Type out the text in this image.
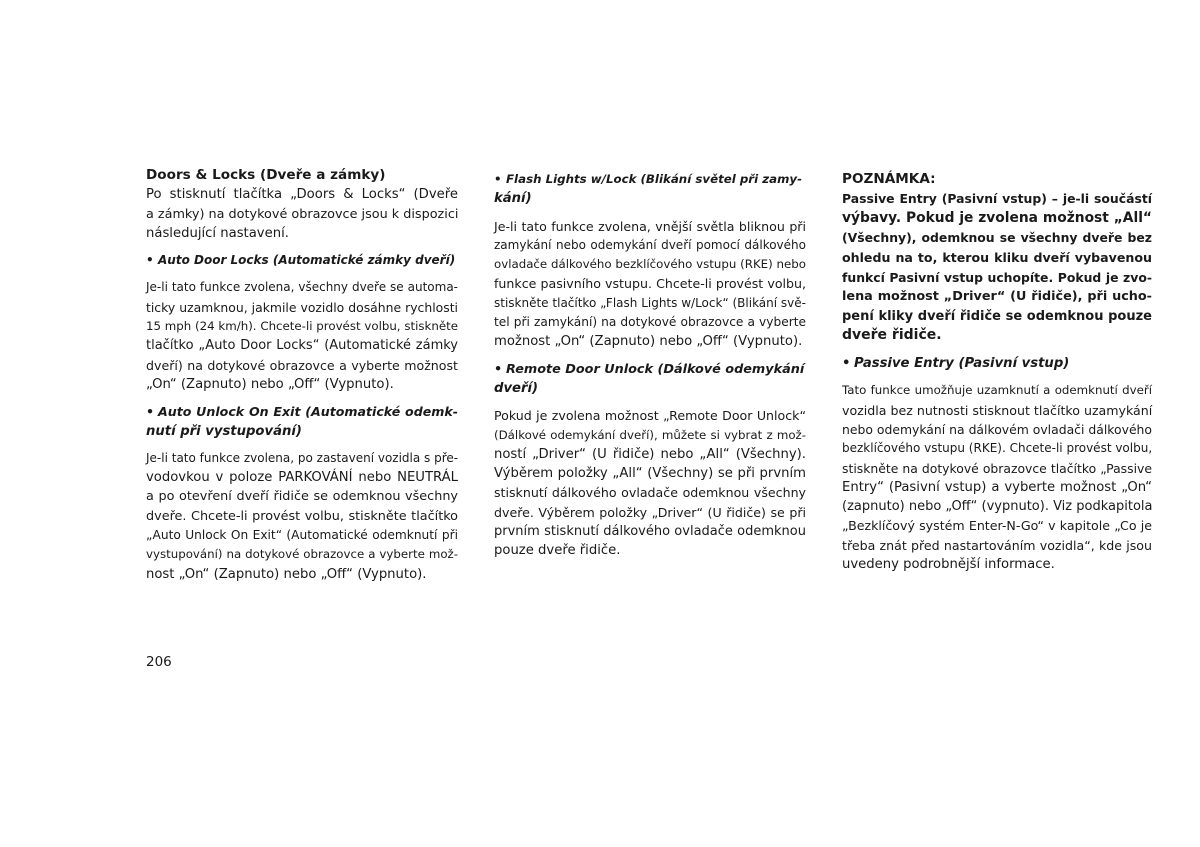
Doors & Locks (Dveře a zámky)
Po stisknutí tlačítka „Doors & Locks“ (Dveře
a zámky) na dotykové obrazovce jsou k dispozici
následující nastavení.
• Auto Door Locks (Automatické zámky dveří)
Je-li tato funkce zvolena, všechny dveře se automa-
ticky uzamknou, jakmile vozidlo dosáhne rychlosti
15 mph (24 km/h). Chcete-li provést volbu, stiskněte
tlačítko „Auto Door Locks“ (Automatické zámky
dveří) na dotykové obrazovce a vyberte možnost
„On“ (Zapnuto) nebo „Off“ (Vypnuto).
• Auto Unlock On Exit (Automatické odemk-
nutí při vystupování)
Je-li tato funkce zvolena, po zastavení vozidla s pře-
vodovkou v poloze PARKOVÁNÍ nebo NEUTRÁL
a po otevření dveří řidiče se odemknou všechny
dveře. Chcete-li provést volbu, stiskněte tlačítko
„Auto Unlock On Exit“ (Automatické odemknutí při
vystupování) na dotykové obrazovce a vyberte mož-
nost „On“ (Zapnuto) nebo „Off“ (Vypnuto).
• Flash Lights w/Lock (Blikání světel při zamy-
kání)
Je-li tato funkce zvolena, vnější světla bliknou při
zamykání nebo odemykání dveří pomocí dálkového
ovladače dálkového bezklíčového vstupu (RKE) nebo
funkce pasivního vstupu. Chcete-li provést volbu,
stiskněte tlačítko „Flash Lights w/Lock“ (Blikání svě-
tel při zamykání) na dotykové obrazovce a vyberte
možnost „On“ (Zapnuto) nebo „Off“ (Vypnuto).
• Remote Door Unlock (Dálkové odemykání
dveří)
Pokud je zvolena možnost „Remote Door Unlock“
(Dálkové odemykání dveří), můžete si vybrat z mož-
ností „Driver“ (U řidiče) nebo „All“ (Všechny).
Výběrem položky „All“ (Všechny) se při prvním
stisknutí dálkového ovladače odemknou všechny
dveře. Výběrem položky „Driver“ (U řidiče) se při
prvním stisknutí dálkového ovladače odemknou
pouze dveře řidiče.
POZNÁMKA:
Passive Entry (Pasivní vstup) – je-li součástí
výbavy. Pokud je zvolena možnost „All“
(Všechny), odemknou se všechny dveře bez
ohledu na to, kterou kliku dveří vybavenou
funkcí Pasivní vstup uchopíte. Pokud je zvo-
lena možnost „Driver“ (U řidiče), při ucho-
pení kliky dveří řidiče se odemknou pouze
dveře řidiče.
• Passive Entry (Pasivní vstup)
Tato funkce umožňuje uzamknutí a odemknutí dveří
vozidla bez nutnosti stisknout tlačítko uzamykání
nebo odemykání na dálkovém ovladači dálkového
bezklíčového vstupu (RKE). Chcete-li provést volbu,
stiskněte na dotykové obrazovce tlačítko „Passive
Entry“ (Pasivní vstup) a vyberte možnost „On“
(zapnuto) nebo „Off“ (vypnuto). Viz podkapitola
„Bezklíčový systém Enter-N-Go“ v kapitole „Co je
třeba znát před nastartováním vozidla“, kde jsou
uvedeny podrobnější informace.
206
